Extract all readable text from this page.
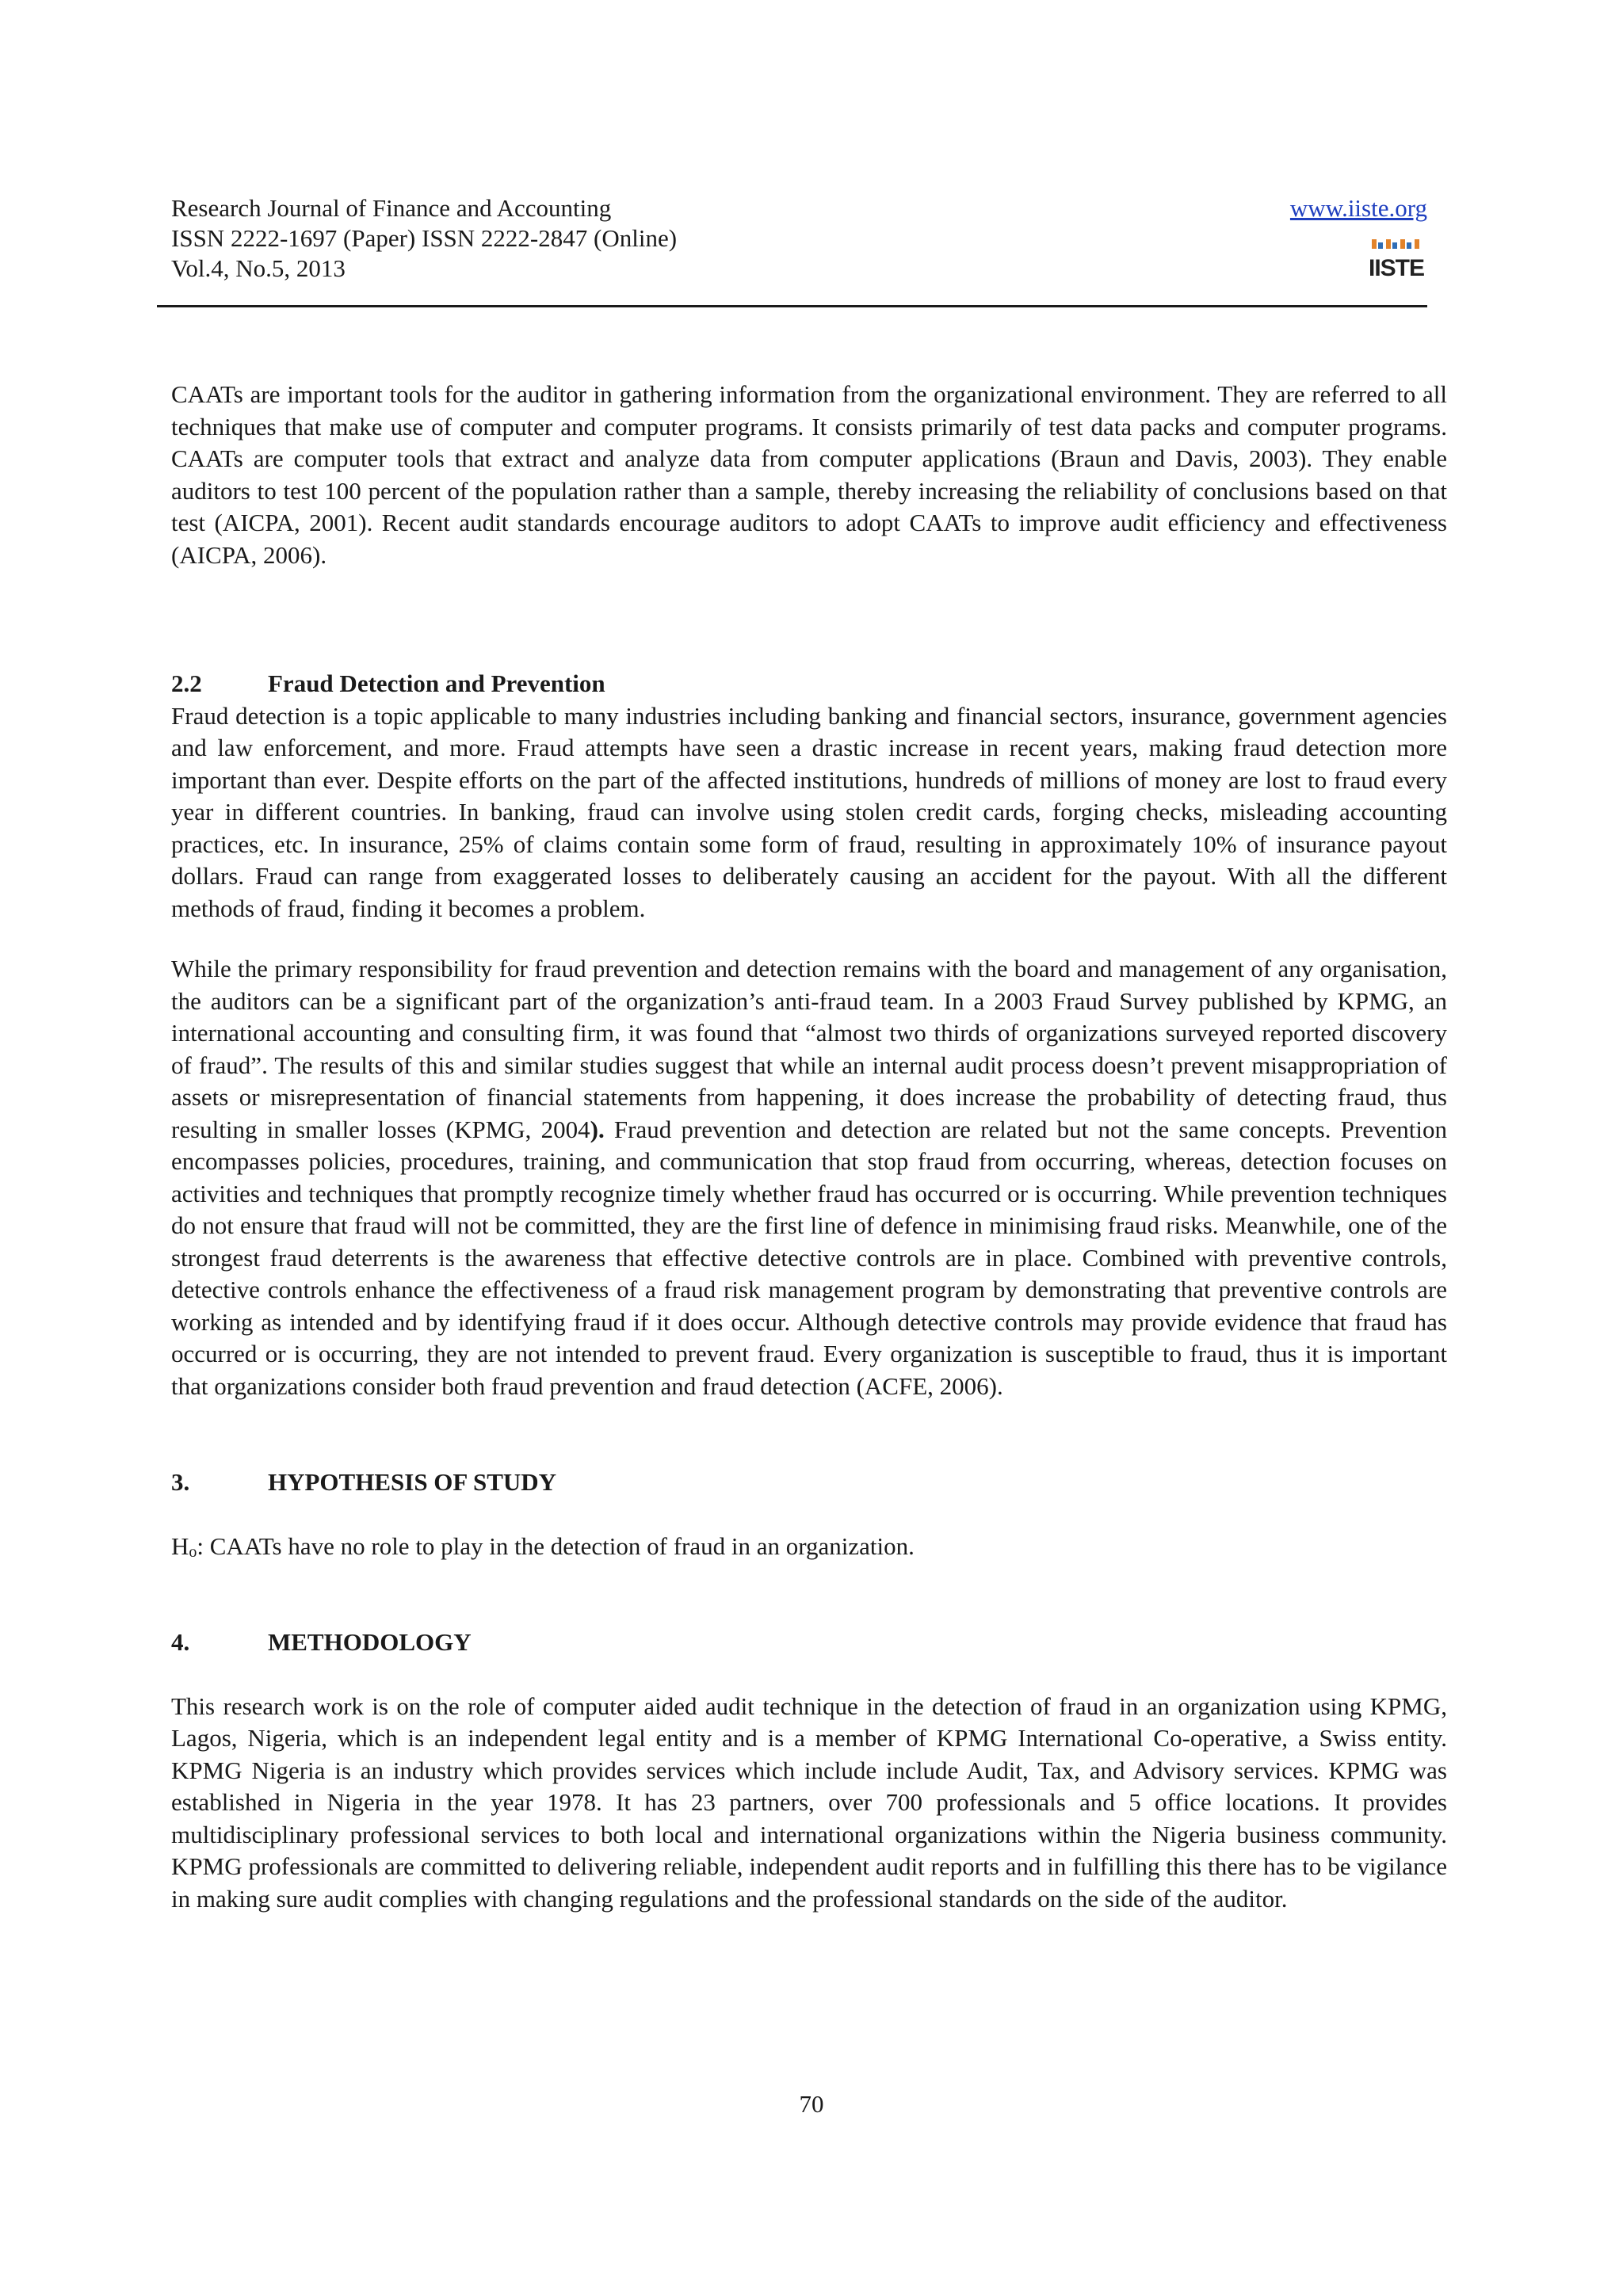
Research Journal of Finance and Accounting
ISSN 2222-1697 (Paper) ISSN 2222-2847 (Online)
Vol.4, No.5, 2013
www.iiste.org
IISTE

CAATs are important tools for the auditor in gathering information from the organizational environment. They are referred to all techniques that make use of computer and computer programs. It consists primarily of test data packs and computer programs. CAATs are computer tools that extract and analyze data from computer applications (Braun and Davis, 2003). They enable auditors to test 100 percent of the population rather than a sample, thereby increasing the reliability of conclusions based on that test (AICPA, 2001). Recent audit standards encourage auditors to adopt CAATs to improve audit efficiency and effectiveness (AICPA, 2006).

2.2	Fraud Detection and Prevention

Fraud detection is a topic applicable to many industries including banking and financial sectors, insurance, government agencies and law enforcement, and more. Fraud attempts have seen a drastic increase in recent years, making fraud detection more important than ever. Despite efforts on the part of the affected institutions, hundreds of millions of money are lost to fraud every year in different countries. In banking, fraud can involve using stolen credit cards, forging checks, misleading accounting practices, etc. In insurance, 25% of claims contain some form of fraud, resulting in approximately 10% of insurance payout dollars. Fraud can range from exaggerated losses to deliberately causing an accident for the payout. With all the different methods of fraud, finding it becomes a problem.

While the primary responsibility for fraud prevention and detection remains with the board and management of any organisation, the auditors can be a significant part of the organization’s anti-fraud team. In a 2003 Fraud Survey published by KPMG, an international accounting and consulting firm, it was found that “almost two thirds of organizations surveyed reported discovery of fraud”. The results of this and similar studies suggest that while an internal audit process doesn’t prevent misappropriation of assets or misrepresentation of financial statements from happening, it does increase the probability of detecting fraud, thus resulting in smaller losses (KPMG, 2004). Fraud prevention and detection are related but not the same concepts. Prevention encompasses policies, procedures, training, and communication that stop fraud from occurring, whereas, detection focuses on activities and techniques that promptly recognize timely whether fraud has occurred or is occurring. While prevention techniques do not ensure that fraud will not be committed, they are the first line of defence in minimising fraud risks. Meanwhile, one of the strongest fraud deterrents is the awareness that effective detective controls are in place. Combined with preventive controls, detective controls enhance the effectiveness of a fraud risk management program by demonstrating that preventive controls are working as intended and by identifying fraud if it does occur. Although detective controls may provide evidence that fraud has occurred or is occurring, they are not intended to prevent fraud. Every organization is susceptible to fraud, thus it is important that organizations consider both fraud prevention and fraud detection (ACFE, 2006).

3.	HYPOTHESIS OF STUDY

$H_o$: CAATs have no role to play in the detection of fraud in an organization.

4.	METHODOLOGY

This research work is on the role of computer aided audit technique in the detection of fraud in an organization using KPMG, Lagos, Nigeria, which is an independent legal entity and is a member of KPMG International Co-operative, a Swiss entity. KPMG Nigeria is an industry which provides services which include include Audit, Tax, and Advisory services. KPMG was established in Nigeria in the year 1978. It has 23 partners, over 700 professionals and 5 office locations. It provides multidisciplinary professional services to both local and international organizations within the Nigeria business community. KPMG professionals are committed to delivering reliable, independent audit reports and in fulfilling this there has to be vigilance in making sure audit complies with changing regulations and the professional standards on the side of the auditor.

70
